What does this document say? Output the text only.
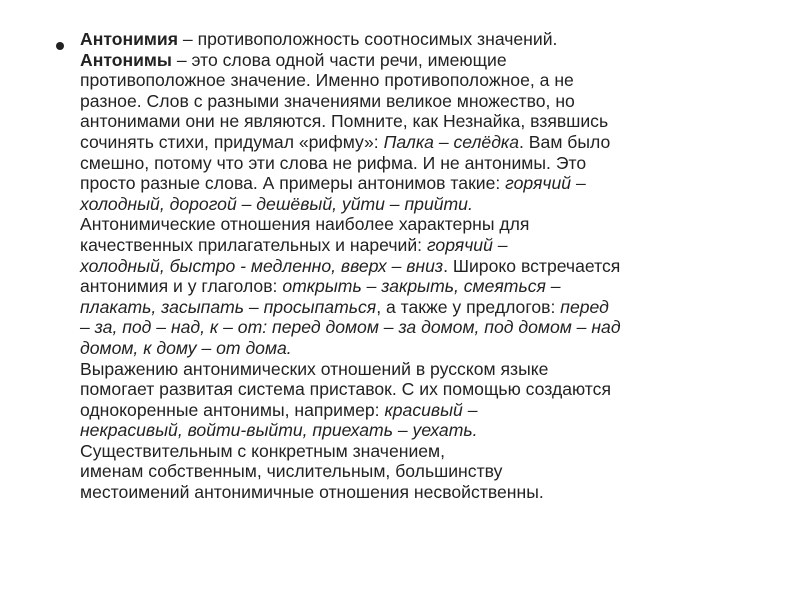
Антонимия – противоположность соотносимых значений.
Антонимы – это слова одной части речи, имеющие
противоположное значение. Именно противоположное, а не
разное. Слов с разными значениями великое множество, но
антонимами они не являются. Помните, как Незнайка, взявшись
сочинять стихи, придумал «рифму»: Палка – селёдка. Вам было
смешно, потому что эти слова не рифма. И не антонимы. Это
просто разные слова. А примеры антонимов такие: горячий –
холодный, дорогой – дешёвый, уйти – прийти.
Антонимические отношения наиболее характерны для
качественных прилагательных и наречий: горячий –
холодный, быстро - медленно, вверх – вниз. Широко встречается
антонимия и у глаголов: открыть – закрыть, смеяться –
плакать, засыпать – просыпаться, а также у предлогов: перед
– за, под – над, к – от: перед домом – за домом, под домом – над
домом, к дому – от дома.
Выражению антонимических отношений в русском языке
помогает развитая система приставок. С их помощью создаются
однокоренные антонимы, например: красивый –
некрасивый, войти-выйти, приехать – уехать.
Существительным с конкретным значением,
именам собственным, числительным, большинству
местоимений антонимичные отношения несвойственны.
